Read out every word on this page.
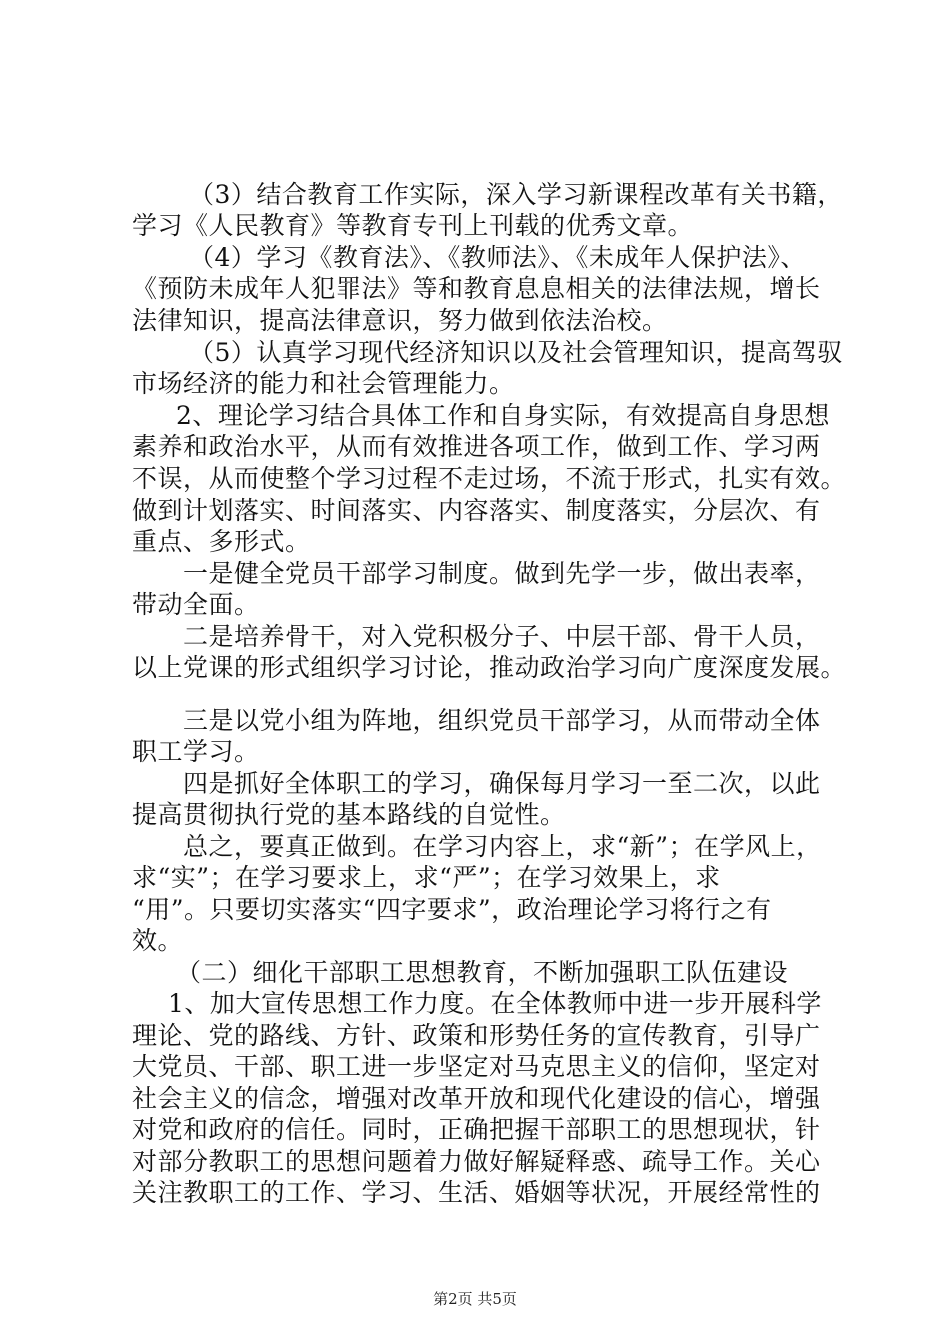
（3）结合教育工作实际，深入学习新课程改革有关书籍，
学习《人民教育》等教育专刊上刊载的优秀文章。
（4）学习《教育法》、《教师法》、《未成年人保护法》、
《预防未成年人犯罪法》等和教育息息相关的法律法规，增长
法律知识，提高法律意识，努力做到依法治校。
（5）认真学习现代经济知识以及社会管理知识，提高驾驭
市场经济的能力和社会管理能力。
2、理论学习结合具体工作和自身实际，有效提高自身思想
素养和政治水平，从而有效推进各项工作，做到工作、学习两
不误，从而使整个学习过程不走过场，不流于形式，扎实有效。
做到计划落实、时间落实、内容落实、制度落实，分层次、有
重点、多形式。
一是健全党员干部学习制度。做到先学一步，做出表率，
带动全面。
二是培养骨干，对入党积极分子、中层干部、骨干人员，
以上党课的形式组织学习讨论，推动政治学习向广度深度发展。
三是以党小组为阵地，组织党员干部学习，从而带动全体
职工学习。
四是抓好全体职工的学习，确保每月学习一至二次，以此
提高贯彻执行党的基本路线的自觉性。
总之，要真正做到。在学习内容上，求“新”；在学风上，
求“实”；在学习要求上，求“严”；在学习效果上，求
“用”。只要切实落实“四字要求”，政治理论学习将行之有
效。
（二）细化干部职工思想教育，不断加强职工队伍建设
1、加大宣传思想工作力度。在全体教师中进一步开展科学
理论、党的路线、方针、政策和形势任务的宣传教育，引导广
大党员、干部、职工进一步坚定对马克思主义的信仰，坚定对
社会主义的信念，增强对改革开放和现代化建设的信心，增强
对党和政府的信任。同时，正确把握干部职工的思想现状，针
对部分教职工的思想问题着力做好解疑释惑、疏导工作。关心
关注教职工的工作、学习、生活、婚姻等状况，开展经常性的
第2页 共5页
